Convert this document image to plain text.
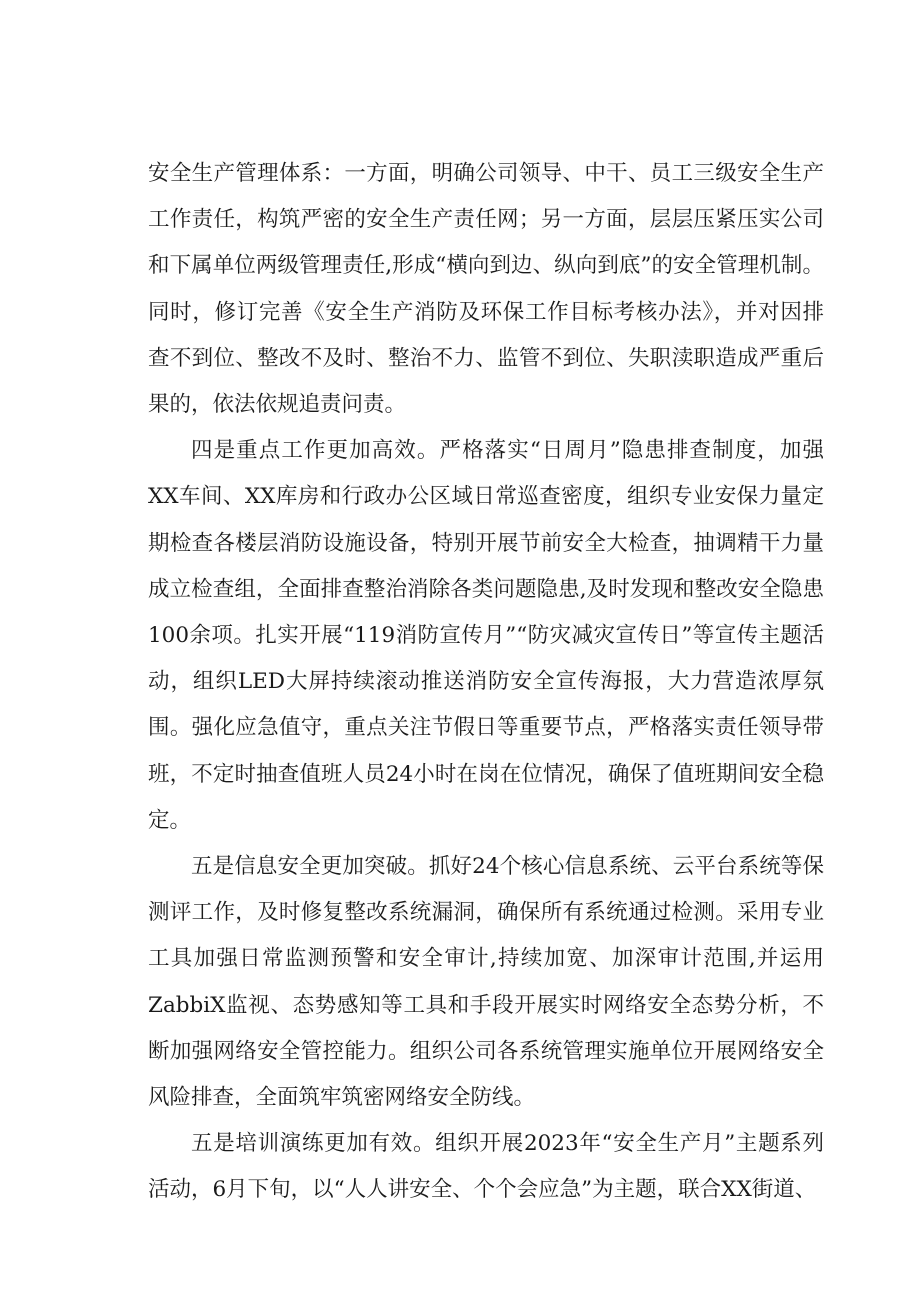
安全生产管理体系：一方面，明确公司领导、中干、员工三级安全生产工作责任，构筑严密的安全生产责任网；另一方面，层层压紧压实公司和下属单位两级管理责任,形成“横向到边、纵向到底”的安全管理机制。同时，修订完善《安全生产消防及环保工作目标考核办法》，并对因排查不到位、整改不及时、整治不力、监管不到位、失职渎职造成严重后果的，依法依规追责问责。

四是重点工作更加高效。严格落实“日周月”隐患排查制度，加强XX车间、XX库房和行政办公区域日常巡查密度，组织专业安保力量定期检查各楼层消防设施设备，特别开展节前安全大检查，抽调精干力量成立检查组，全面排查整治消除各类问题隐患,及时发现和整改安全隐患100余项。扎实开展“119消防宣传月”“防灾减灾宣传日”等宣传主题活动，组织LED大屏持续滚动推送消防安全宣传海报，大力营造浓厚氛围。强化应急值守，重点关注节假日等重要节点，严格落实责任领导带班，不定时抽查值班人员24小时在岗在位情况，确保了值班期间安全稳定。

五是信息安全更加突破。抓好24个核心信息系统、云平台系统等保测评工作，及时修复整改系统漏洞，确保所有系统通过检测。采用专业工具加强日常监测预警和安全审计,持续加宽、加深审计范围,并运用ZabbiX监视、态势感知等工具和手段开展实时网络安全态势分析，不断加强网络安全管控能力。组织公司各系统管理实施单位开展网络安全风险排查，全面筑牢筑密网络安全防线。

五是培训演练更加有效。组织开展2023年“安全生产月”主题系列活动，6月下旬，以“人人讲安全、个个会应急”为主题，联合XX街道、
